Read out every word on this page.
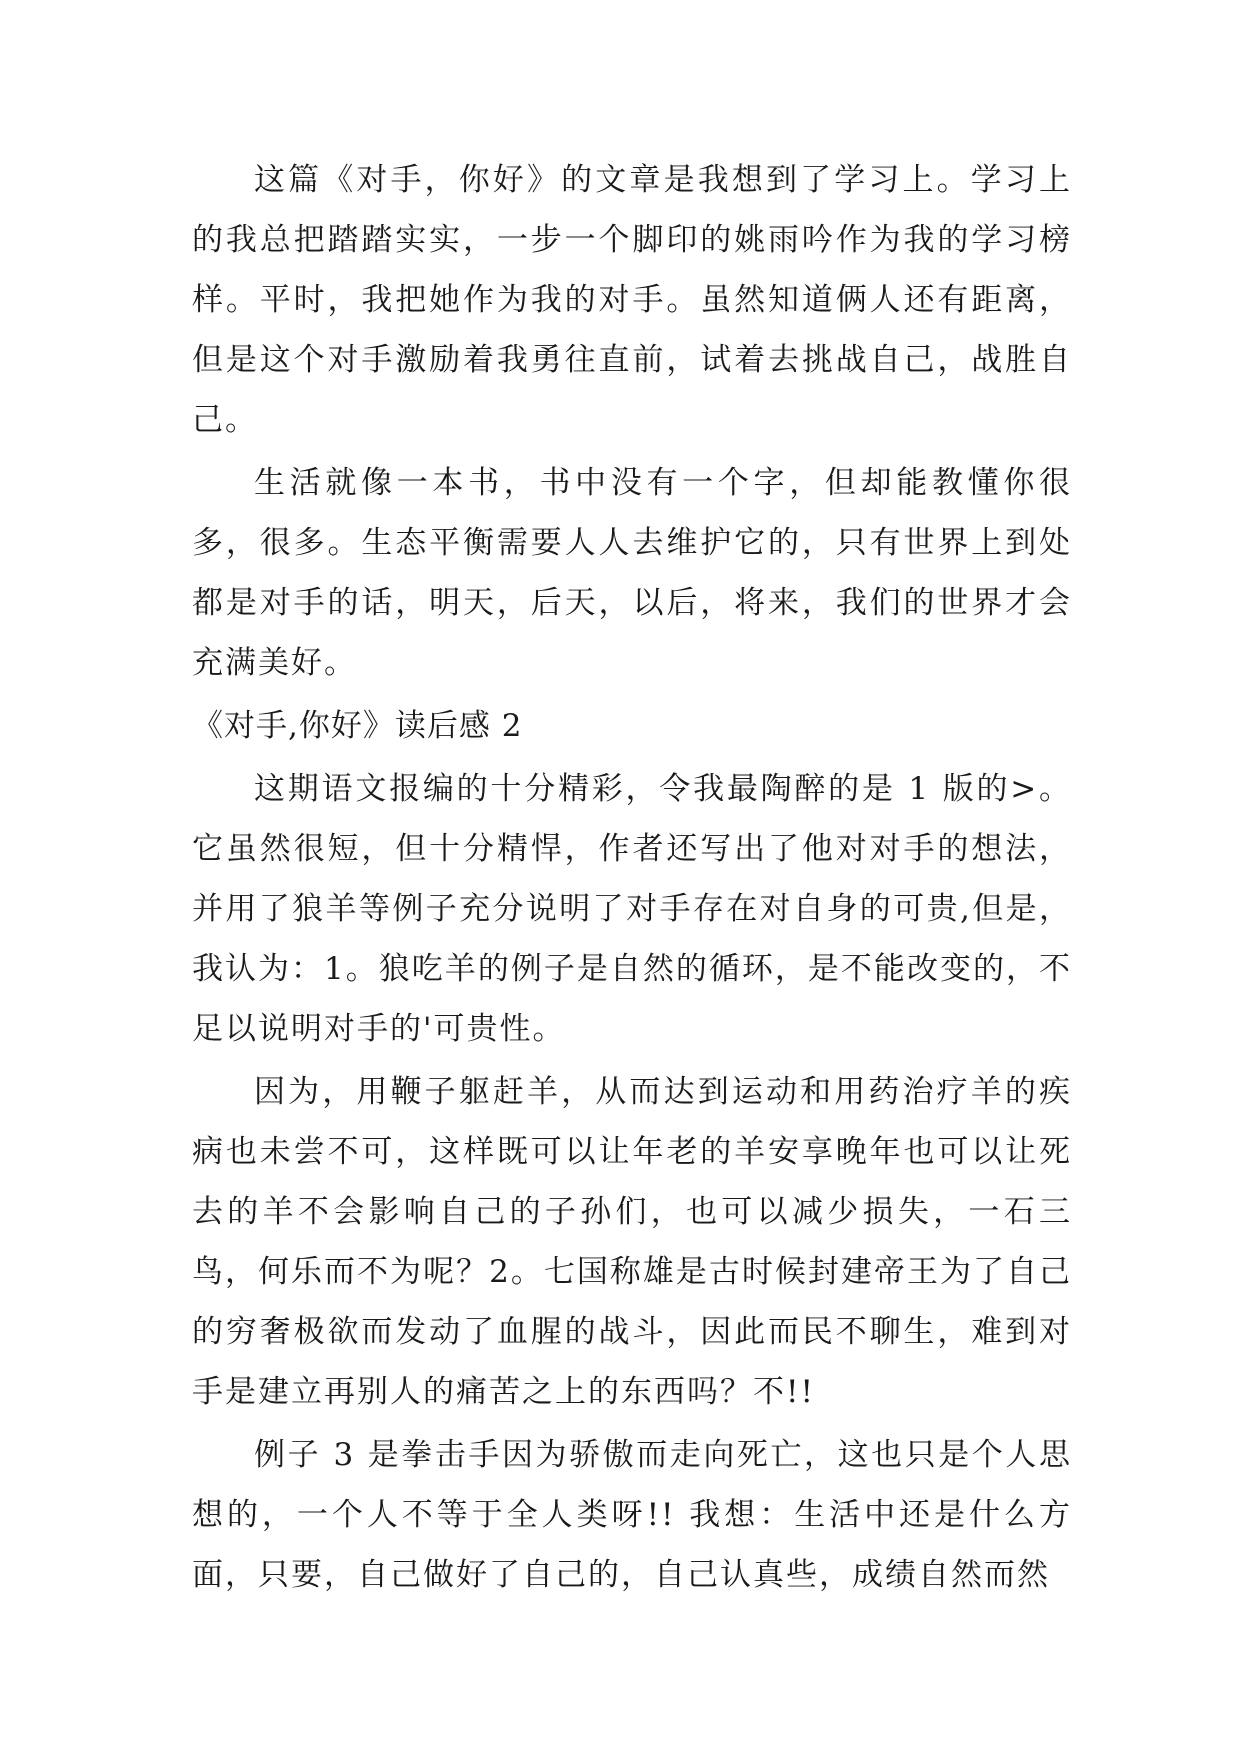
这篇《对手，你好》的文章是我想到了学习上。学习上的我总把踏踏实实，一步一个脚印的姚雨吟作为我的学习榜样。平时，我把她作为我的对手。虽然知道俩人还有距离，但是这个对手激励着我勇往直前，试着去挑战自己，战胜自己。

生活就像一本书，书中没有一个字，但却能教懂你很多，很多。生态平衡需要人人去维护它的，只有世界上到处都是对手的话，明天，后天，以后，将来，我们的世界才会充满美好。

《对手,你好》读后感 2

这期语文报编的十分精彩，令我最陶醉的是 1 版的>。它虽然很短，但十分精悍，作者还写出了他对对手的想法，并用了狼羊等例子充分说明了对手存在对自身的可贵,但是，我认为：1。狼吃羊的例子是自然的循环，是不能改变的，不足以说明对手的'可贵性。

因为，用鞭子躯赶羊，从而达到运动和用药治疗羊的疾病也未尝不可，这样既可以让年老的羊安享晚年也可以让死去的羊不会影响自己的子孙们，也可以减少损失，一石三鸟，何乐而不为呢？2。七国称雄是古时候封建帝王为了自己的穷奢极欲而发动了血腥的战斗，因此而民不聊生，难到对手是建立再别人的痛苦之上的东西吗？不!!

例子 3 是拳击手因为骄傲而走向死亡，这也只是个人思想的，一个人不等于全人类呀!! 我想：生活中还是什么方面，只要，自己做好了自己的，自己认真些，成绩自然而然
